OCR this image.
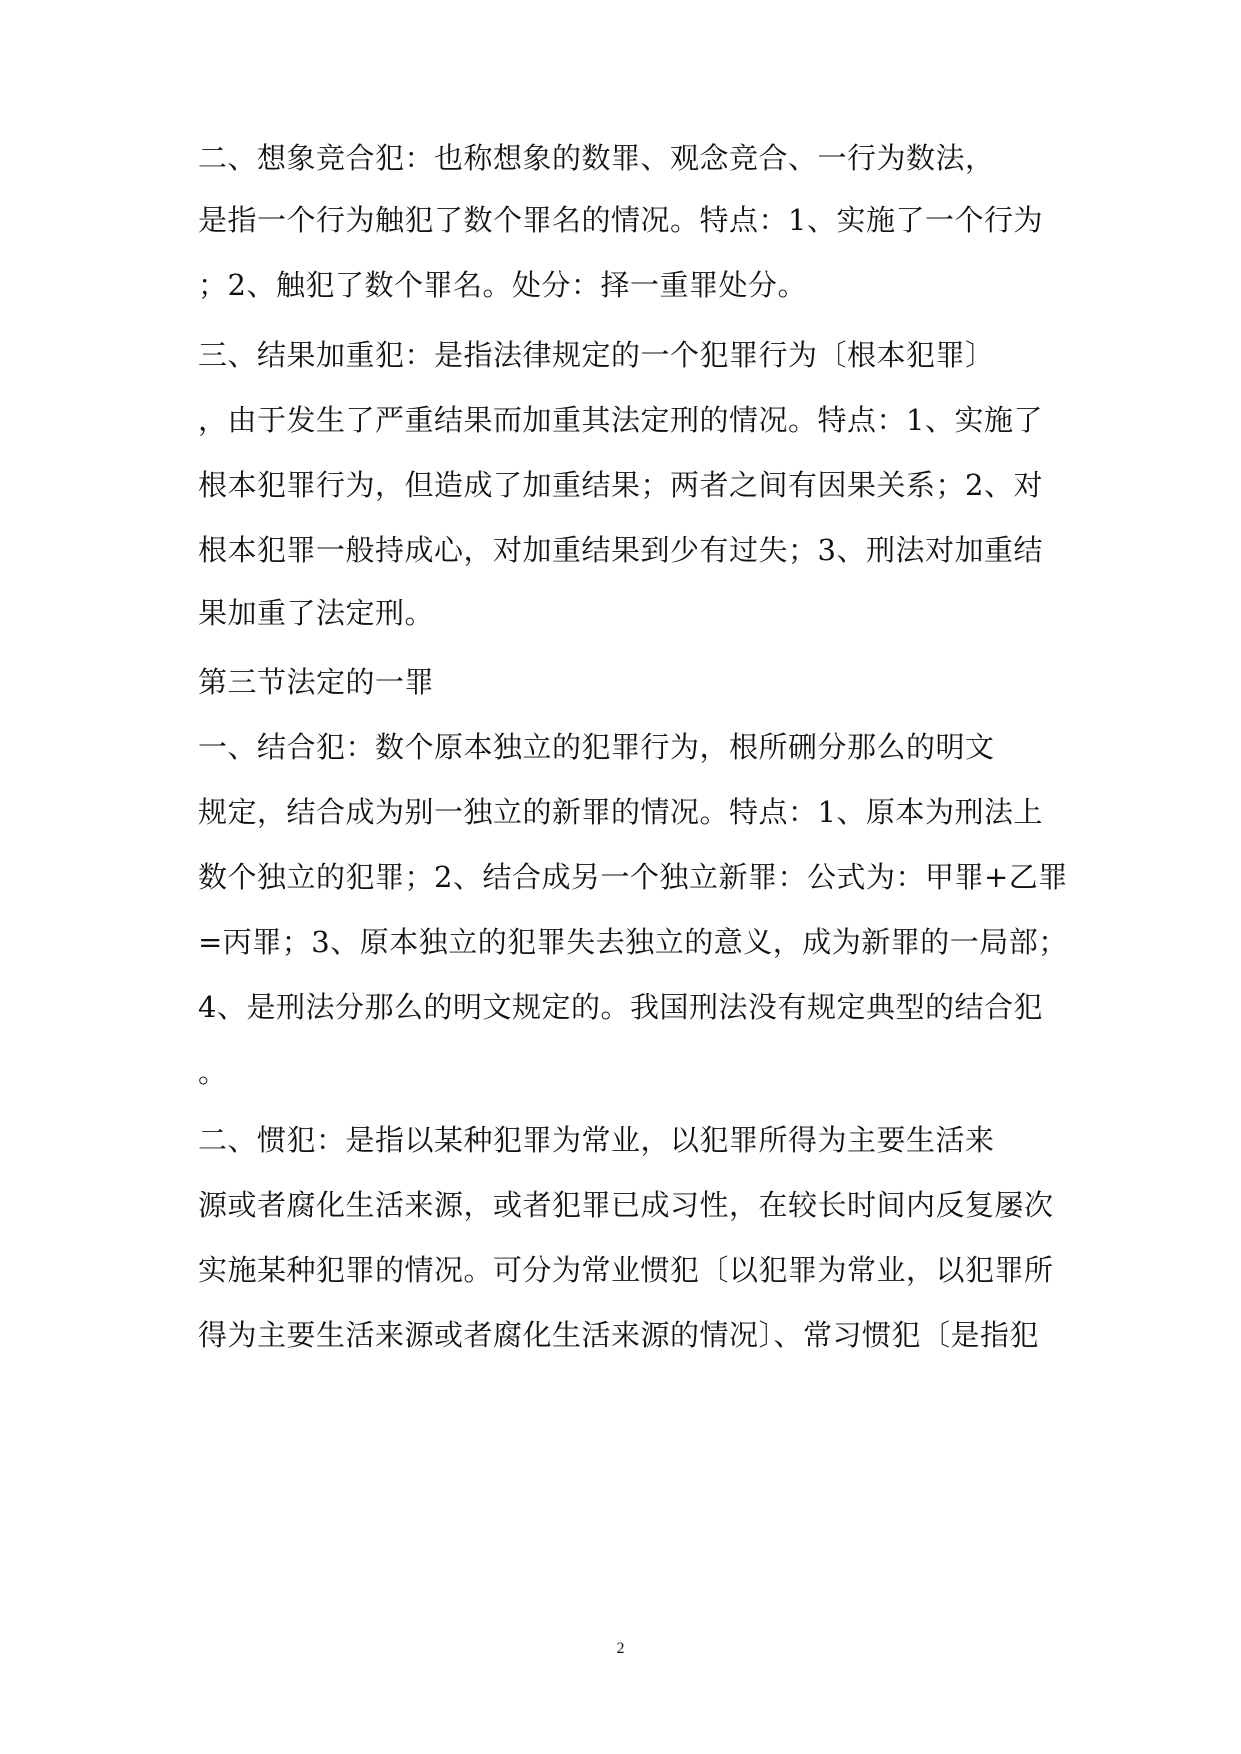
二、想象竞合犯：也称想象的数罪、观念竞合、一行为数法，
是指一个行为触犯了数个罪名的情况。特点：1、实施了一个行为
；2、触犯了数个罪名。处分：择一重罪处分。
三、结果加重犯：是指法律规定的一个犯罪行为〔根本犯罪〕
，由于发生了严重结果而加重其法定刑的情况。特点：1、实施了
根本犯罪行为，但造成了加重结果；两者之间有因果关系；2、对
根本犯罪一般持成心，对加重结果到少有过失；3、刑法对加重结
果加重了法定刑。
第三节法定的一罪
一、结合犯：数个原本独立的犯罪行为，根所硎分那么的明文
规定，结合成为别一独立的新罪的情况。特点：1、原本为刑法上
数个独立的犯罪；2、结合成另一个独立新罪：公式为：甲罪+乙罪
=丙罪；3、原本独立的犯罪失去独立的意义，成为新罪的一局部；
4、是刑法分那么的明文规定的。我国刑法没有规定典型的结合犯
。
二、惯犯：是指以某种犯罪为常业，以犯罪所得为主要生活来
源或者腐化生活来源，或者犯罪已成习性，在较长时间内反复屡次
实施某种犯罪的情况。可分为常业惯犯〔以犯罪为常业，以犯罪所
得为主要生活来源或者腐化生活来源的情况〕、常习惯犯〔是指犯
2
